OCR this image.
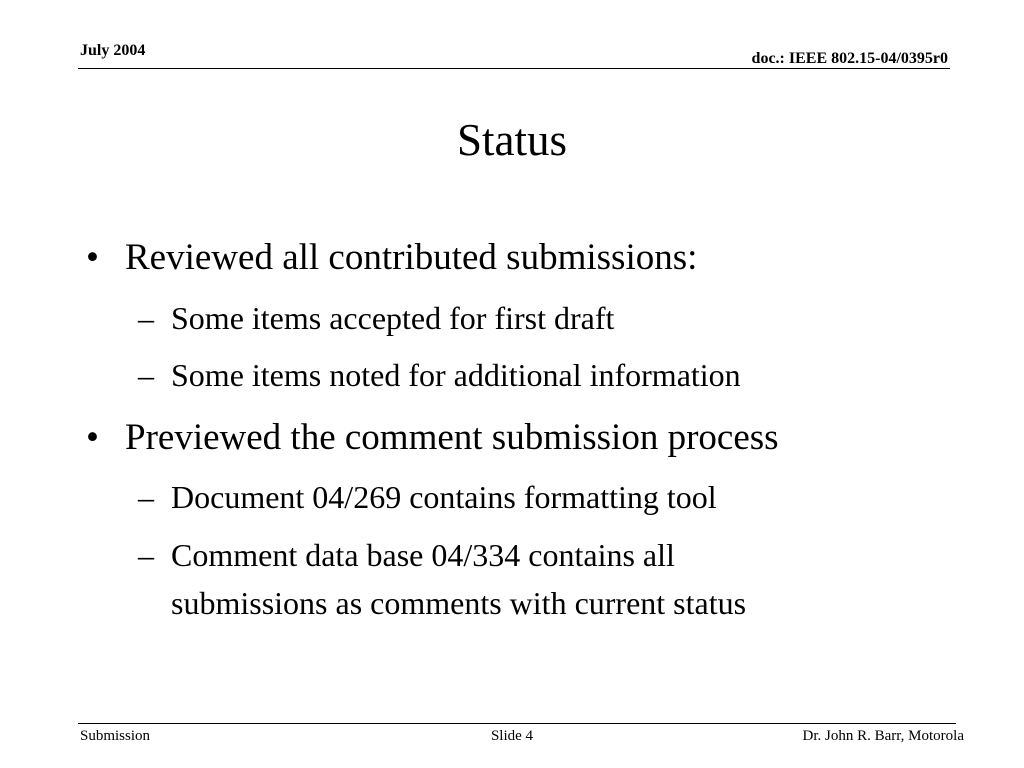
July 2004	doc.: IEEE 802.15-04/0395r0
Status
• Reviewed all contributed submissions:
– Some items accepted for first draft
– Some items noted for additional information
• Previewed the comment submission process
– Document 04/269 contains formatting tool
– Comment data base 04/334 contains all
submissions as comments with current status
Submission	Slide 4	Dr. John R. Barr, Motorola
